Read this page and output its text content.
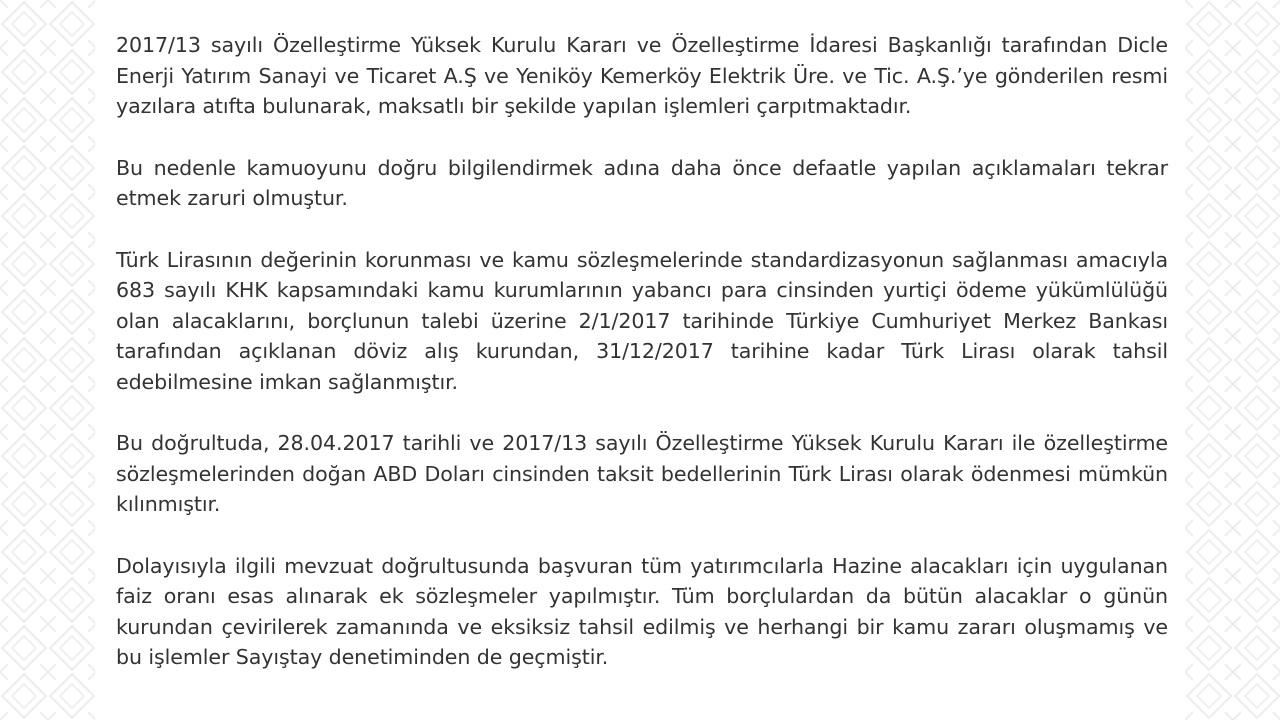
2017/13 sayılı Özelleştirme Yüksek Kurulu Kararı ve Özelleştirme İdaresi Başkanlığı tarafından Dicle Enerji Yatırım Sanayi ve Ticaret A.Ş ve Yeniköy Kemerköy Elektrik Üre. ve Tic. A.Ş.’ye gönderilen resmi yazılara atıfta bulunarak, maksatlı bir şekilde yapılan işlemleri çarpıtmaktadır.

Bu nedenle kamuoyunu doğru bilgilendirmek adına daha önce defaatle yapılan açıklamaları tekrar etmek zaruri olmuştur.

Türk Lirasının değerinin korunması ve kamu sözleşmelerinde standardizasyonun sağlanması amacıyla 683 sayılı KHK kapsamındaki kamu kurumlarının yabancı para cinsinden yurtiçi ödeme yükümlülüğü olan alacaklarını, borçlunun talebi üzerine 2/1/2017 tarihinde Türkiye Cumhuriyet Merkez Bankası tarafından açıklanan döviz alış kurundan, 31/12/2017 tarihine kadar Türk Lirası olarak tahsil edebilmesine imkan sağlanmıştır.

Bu doğrultuda, 28.04.2017 tarihli ve 2017/13 sayılı Özelleştirme Yüksek Kurulu Kararı ile özelleştirme sözleşmelerinden doğan ABD Doları cinsinden taksit bedellerinin Türk Lirası olarak ödenmesi mümkün kılınmıştır.

Dolayısıyla ilgili mevzuat doğrultusunda başvuran tüm yatırımcılarla Hazine alacakları için uygulanan faiz oranı esas alınarak ek sözleşmeler yapılmıştır. Tüm borçlulardan da bütün alacaklar o günün kurundan çevirilerek zamanında ve eksiksiz tahsil edilmiş ve herhangi bir kamu zararı oluşmamış ve bu işlemler Sayıştay denetiminden de geçmiştir.
